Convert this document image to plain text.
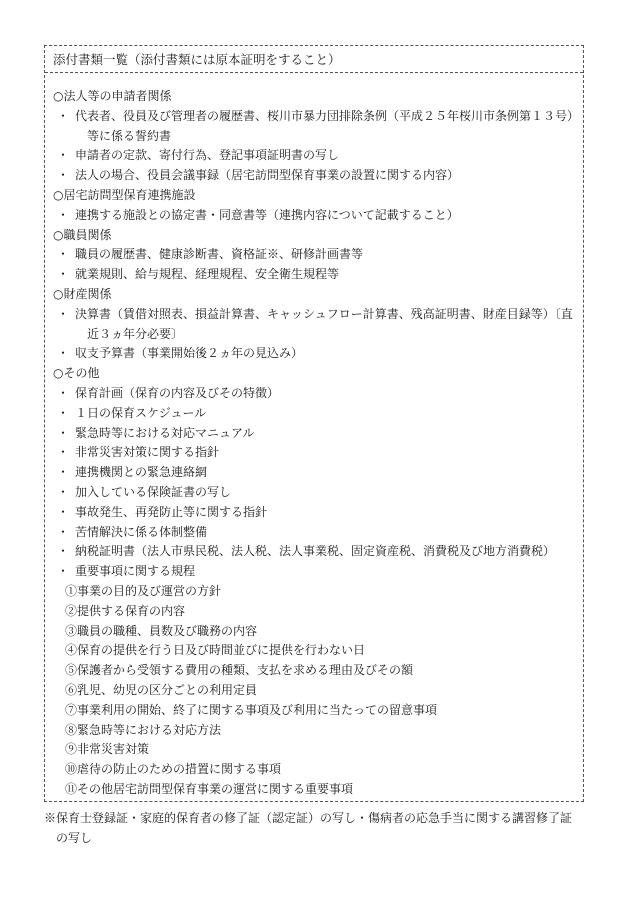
添付書類一覧（添付書類には原本証明をすること）
○法人等の申請者関係
・ 代表者、役員及び管理者の履歴書、桜川市暴力団排除条例（平成２５年桜川市条例第１３号）
等に係る誓約書
・ 申請者の定款、寄付行為、登記事項証明書の写し
・ 法人の場合、役員会議事録（居宅訪問型保育事業の設置に関する内容）
○居宅訪問型保育連携施設
・ 連携する施設との協定書・同意書等（連携内容について記載すること）
○職員関係
・ 職員の履歴書、健康診断書、資格証※、研修計画書等
・ 就業規則、給与規程、経理規程、安全衛生規程等
○財産関係
・ 決算書（賃借対照表、損益計算書、キャッシュフロー計算書、残高証明書、財産目録等）〔直
近３ヵ年分必要〕
・ 収支予算書（事業開始後２ヵ年の見込み）
○その他
・ 保育計画（保育の内容及びその特徴）
・ １日の保育スケジュール
・ 緊急時等における対応マニュアル
・ 非常災害対策に関する指針
・ 連携機関との緊急連絡網
・ 加入している保険証書の写し
・ 事故発生、再発防止等に関する指針
・ 苦情解決に係る体制整備
・ 納税証明書（法人市県民税、法人税、法人事業税、固定資産税、消費税及び地方消費税）
・ 重要事項に関する規程
①事業の目的及び運営の方針
②提供する保育の内容
③職員の職種、員数及び職務の内容
④保育の提供を行う日及び時間並びに提供を行わない日
⑤保護者から受領する費用の種類、支払を求める理由及びその額
⑥乳児、幼児の区分ごとの利用定員
⑦事業利用の開始、終了に関する事項及び利用に当たっての留意事項
⑧緊急時等における対応方法
⑨非常災害対策
⑩虐待の防止のための措置に関する事項
⑪その他居宅訪問型保育事業の運営に関する重要事項
※保育士登録証・家庭的保育者の修了証（認定証）の写し・傷病者の応急手当に関する講習修了証
の写し
